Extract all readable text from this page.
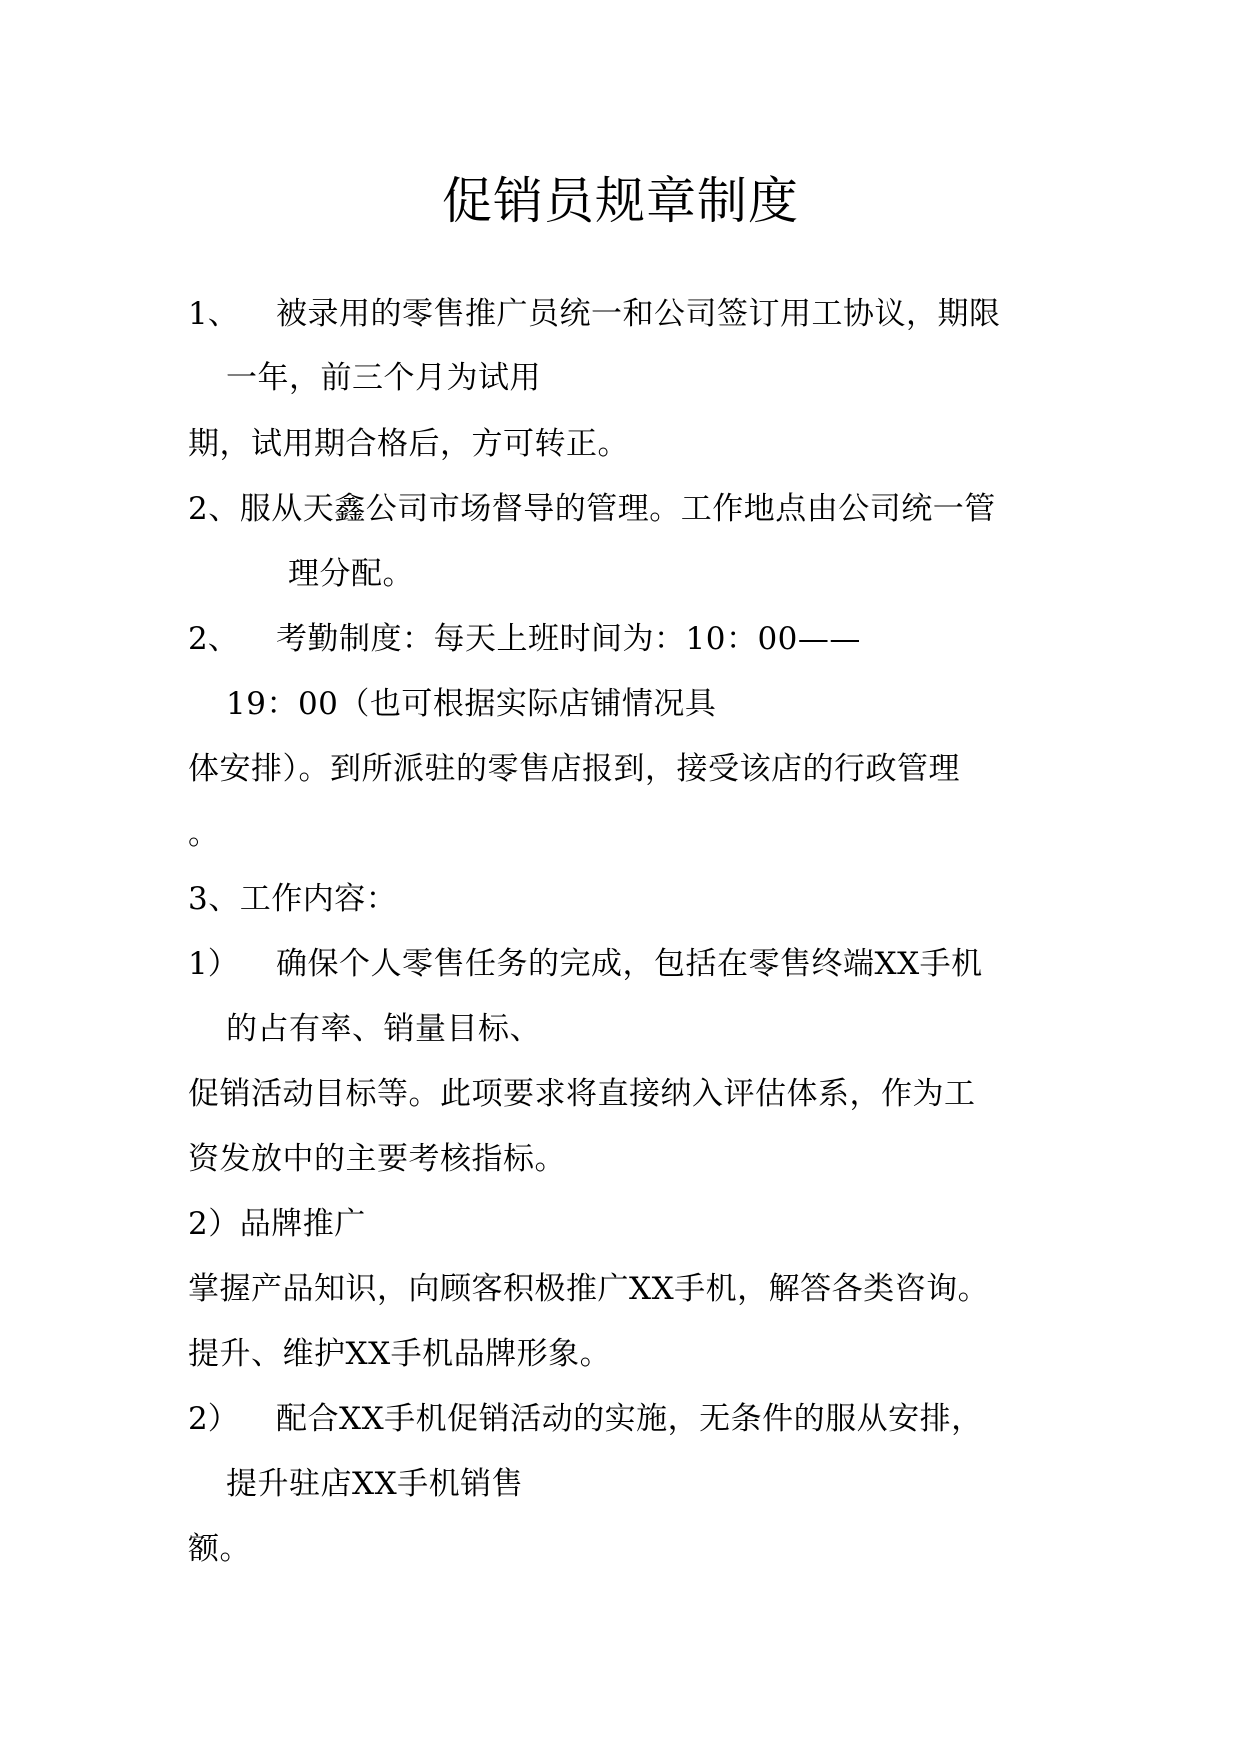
促销员规章制度
1、 被录用的零售推广员统一和公司签订用工协议，期限
一年，前三个月为试用
期，试用期合格后，方可转正。
2、服从天鑫公司市场督导的管理。工作地点由公司统一管
理分配。
2、 考勤制度：每天上班时间为：10：00——
19：00（也可根据实际店铺情况具
体安排）。到所派驻的零售店报到，接受该店的行政管理
。
3、工作内容：
1） 确保个人零售任务的完成，包括在零售终端XX手机
的占有率、销量目标、
促销活动目标等。此项要求将直接纳入评估体系，作为工
资发放中的主要考核指标。
2）品牌推广
掌握产品知识，向顾客积极推广XX手机，解答各类咨询。
提升、维护XX手机品牌形象。
2） 配合XX手机促销活动的实施，无条件的服从安排，
提升驻店XX手机销售
额。
